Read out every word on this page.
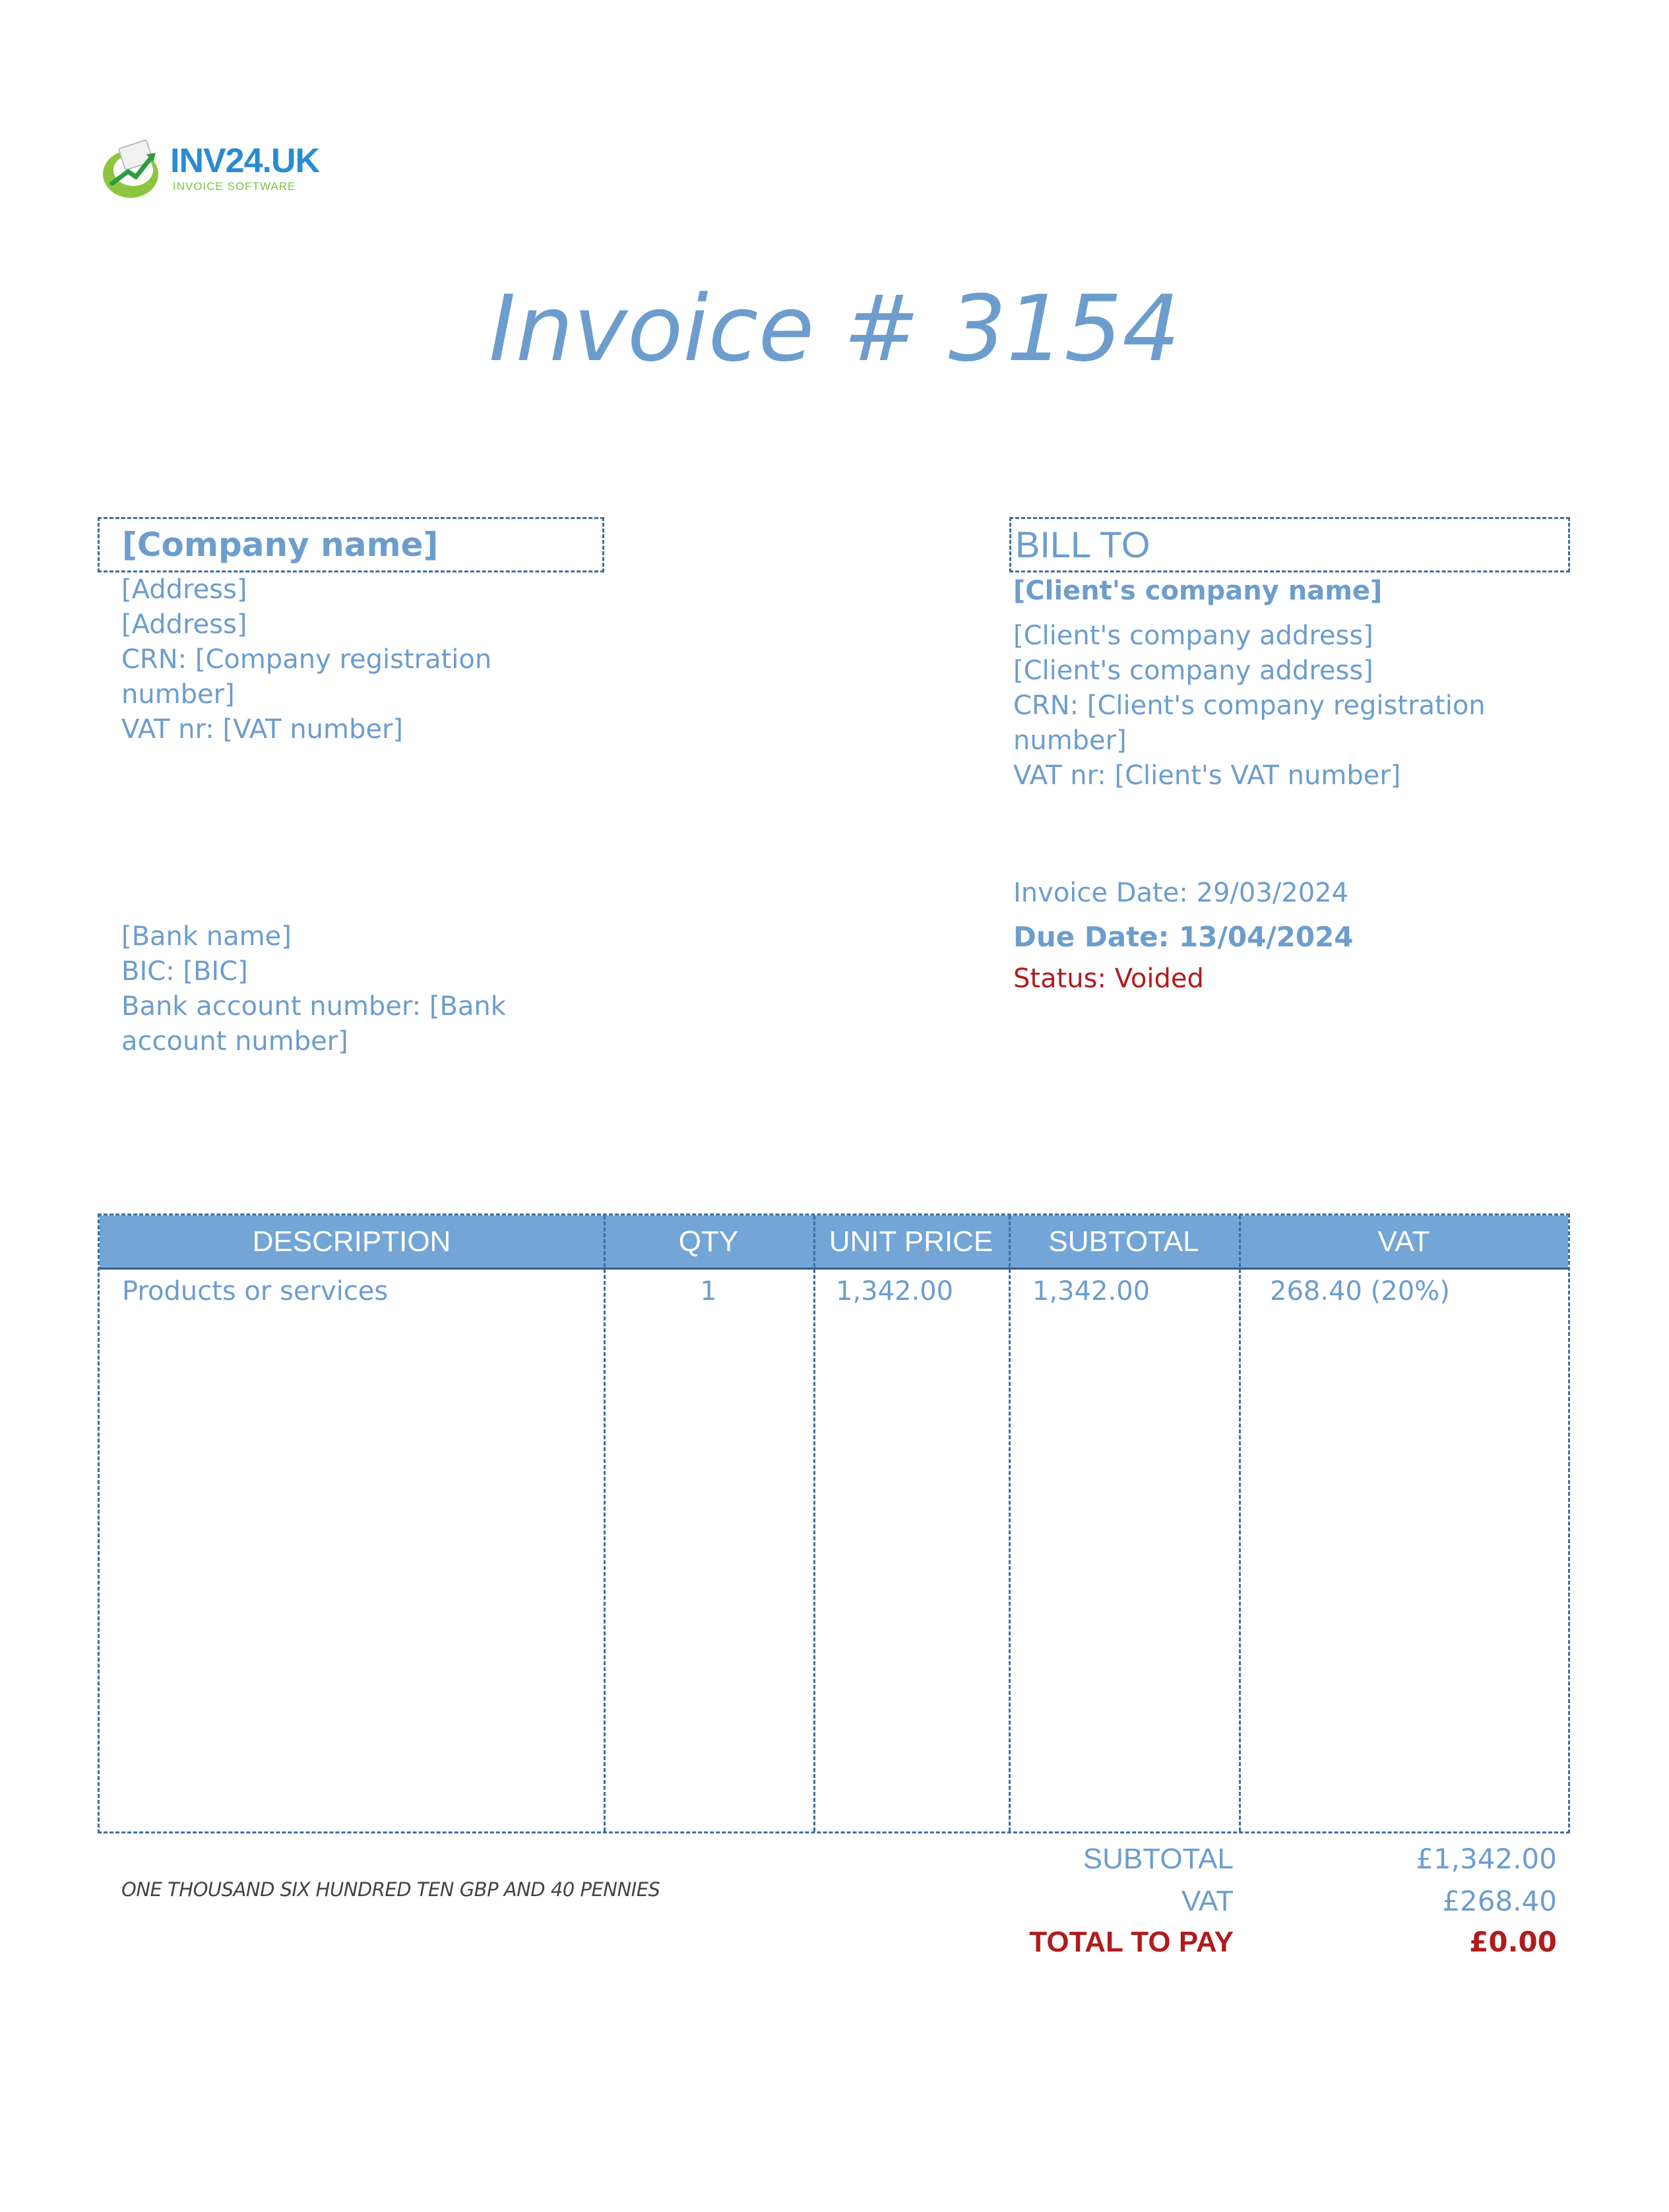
INV24.UK
INVOICE SOFTWARE
Invoice # 3154
[Company name]
[Address]
[Address]
CRN: [Company registration
number]
VAT nr: [VAT number]
BILL TO
[Client's company name]
[Client's company address]
[Client's company address]
CRN: [Client's company registration
number]
VAT nr: [Client's VAT number]
Invoice Date: 29/03/2024
Due Date: 13/04/2024
Status: Voided
[Bank name]
BIC: [BIC]
Bank account number: [Bank
account number]
DESCRIPTION	QTY	UNIT PRICE	SUBTOTAL	VAT
Products or services	1	1,342.00	1,342.00	268.40 (20%)
ONE THOUSAND SIX HUNDRED TEN GBP AND 40 PENNIES
SUBTOTAL	£1,342.00
VAT	£268.40
TOTAL TO PAY	£0.00
